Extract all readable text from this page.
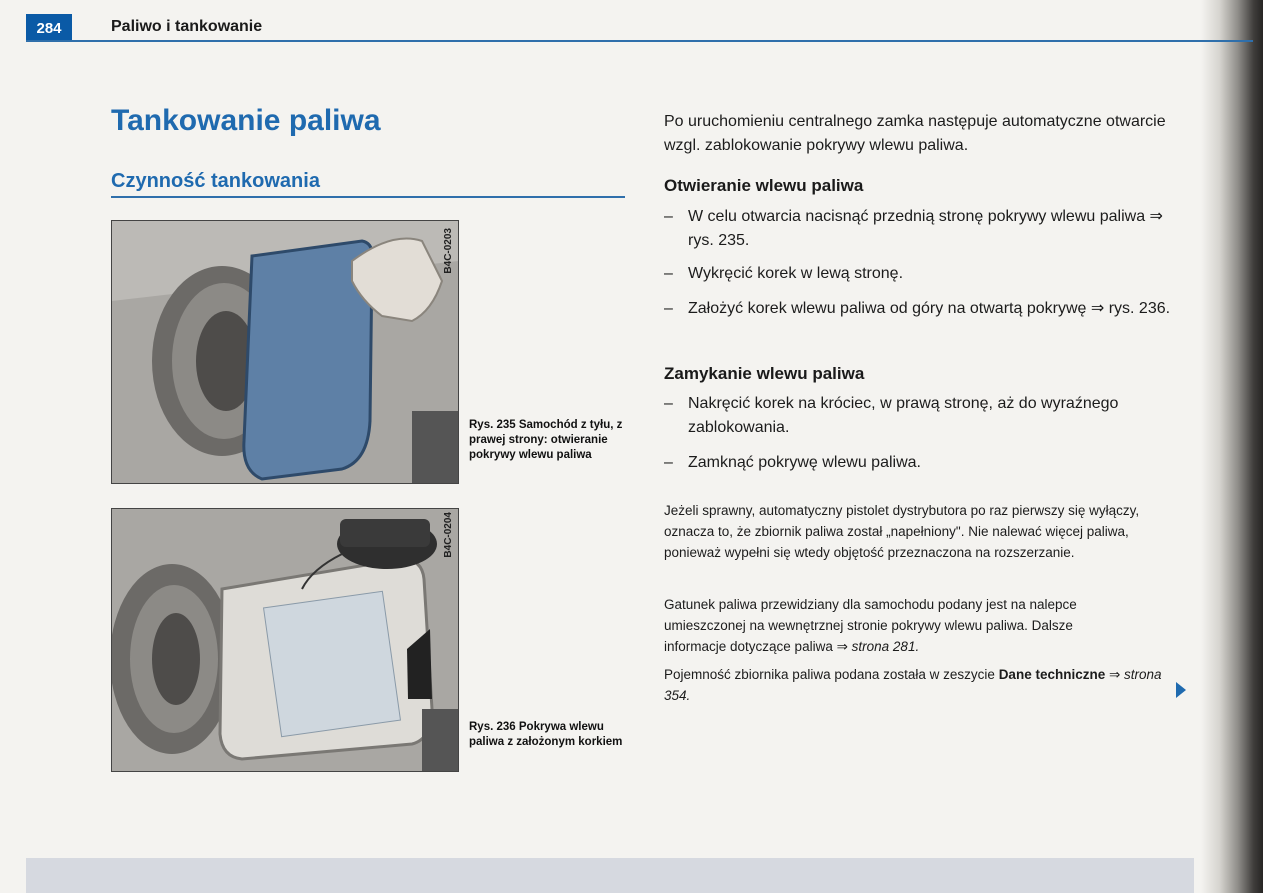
284	Paliwo i tankowanie
Tankowanie paliwa
Czynność tankowania
B4C-0203
Rys. 235 Samochód z tyłu, z prawej strony: otwieranie pokrywy wlewu paliwa
B4C-0204
Rys. 236 Pokrywa wlewu paliwa z założonym korkiem
Po uruchomieniu centralnego zamka następuje automatyczne otwarcie wzgl. zablokowanie pokrywy wlewu paliwa.
Otwieranie wlewu paliwa
– W celu otwarcia nacisnąć przednią stronę pokrywy wlewu paliwa ⇒ rys. 235.
– Wykręcić korek w lewą stronę.
– Założyć korek wlewu paliwa od góry na otwartą pokrywę ⇒ rys. 236.
Zamykanie wlewu paliwa
– Nakręcić korek na króciec, w prawą stronę, aż do wyraźnego zablokowania.
– Zamknąć pokrywę wlewu paliwa.
Jeżeli sprawny, automatyczny pistolet dystrybutora po raz pierwszy się wyłączy, oznacza to, że zbiornik paliwa został „napełniony". Nie nalewać więcej paliwa, ponieważ wypełni się wtedy objętość przeznaczona na rozszerzanie.
Gatunek paliwa przewidziany dla samochodu podany jest na nalepce umieszczonej na wewnętrznej stronie pokrywy wlewu paliwa. Dalsze informacje dotyczące paliwa ⇒ strona 281.
Pojemność zbiornika paliwa podana została w zeszycie Dane techniczne ⇒ strona 354.
